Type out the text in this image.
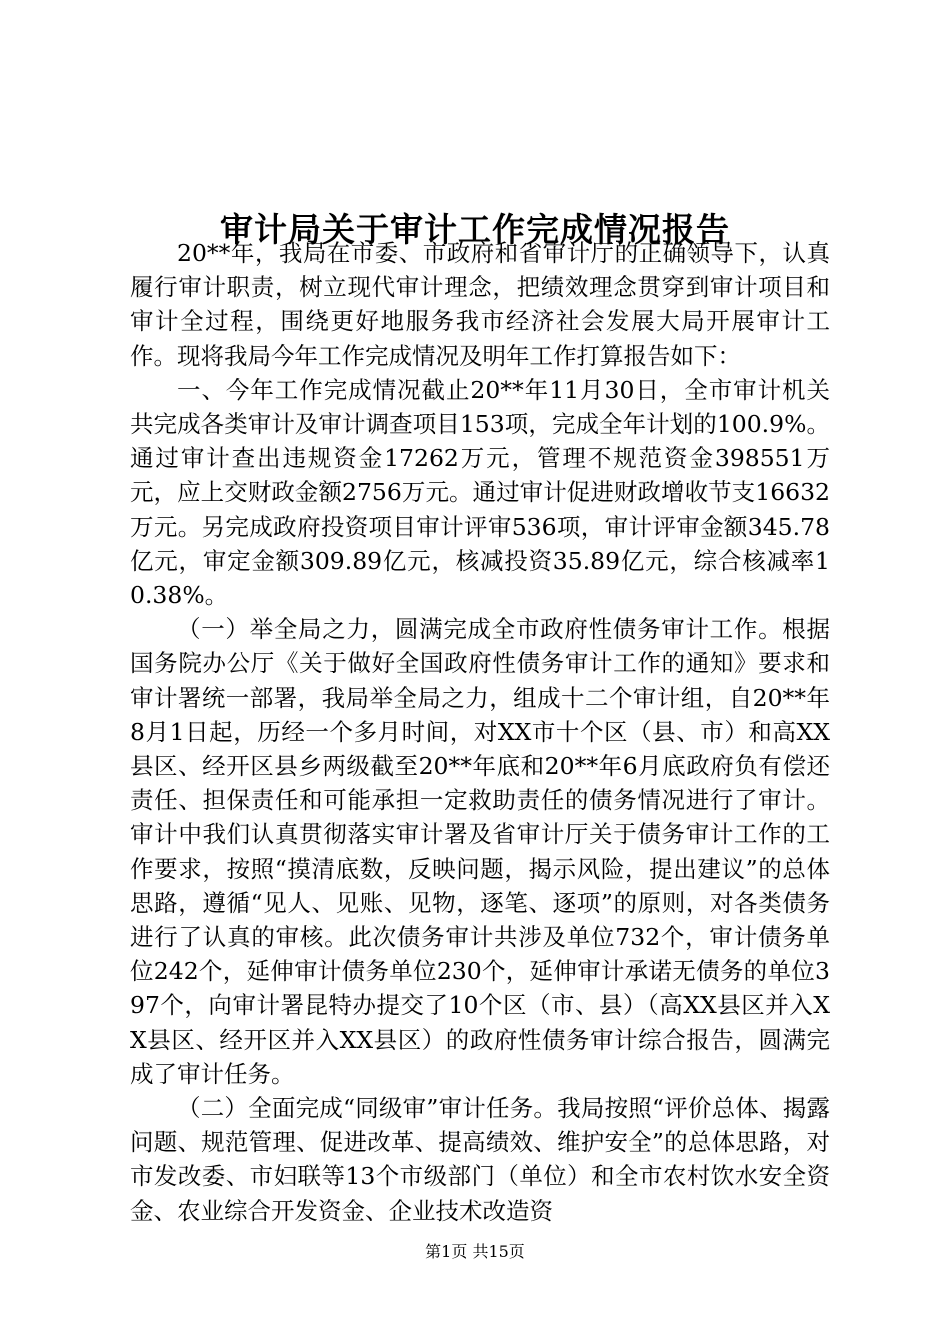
审计局关于审计工作完成情况报告

20**年，我局在市委、市政府和省审计厅的正确领导下，认真履行审计职责，树立现代审计理念，把绩效理念贯穿到审计项目和审计全过程，围绕更好地服务我市经济社会发展大局开展审计工作。现将我局今年工作完成情况及明年工作打算报告如下：

一、今年工作完成情况截止20**年11月30日，全市审计机关共完成各类审计及审计调查项目153项，完成全年计划的100.9%。通过审计查出违规资金17262万元，管理不规范资金398551万元，应上交财政金额2756万元。通过审计促进财政增收节支16632万元。另完成政府投资项目审计评审536项，审计评审金额345.78亿元，审定金额309.89亿元，核减投资35.89亿元，综合核减率10.38%。

（一）举全局之力，圆满完成全市政府性债务审计工作。根据国务院办公厅《关于做好全国政府性债务审计工作的通知》要求和审计署统一部署，我局举全局之力，组成十二个审计组，自20**年8月1日起，历经一个多月时间，对XX市十个区（县、市）和高XX县区、经开区县乡两级截至20**年底和20**年6月底政府负有偿还责任、担保责任和可能承担一定救助责任的债务情况进行了审计。审计中我们认真贯彻落实审计署及省审计厅关于债务审计工作的工作要求，按照“摸清底数，反映问题，揭示风险，提出建议”的总体思路，遵循“见人、见账、见物，逐笔、逐项”的原则，对各类债务进行了认真的审核。此次债务审计共涉及单位732个，审计债务单位242个，延伸审计债务单位230个，延伸审计承诺无债务的单位397个，向审计署昆特办提交了10个区（市、县）（高XX县区并入XX县区、经开区并入XX县区）的政府性债务审计综合报告，圆满完成了审计任务。

（二）全面完成“同级审”审计任务。我局按照“评价总体、揭露问题、规范管理、促进改革、提高绩效、维护安全”的总体思路，对市发改委、市妇联等13个市级部门（单位）和全市农村饮水安全资金、农业综合开发资金、企业技术改造资

第1页 共15页
